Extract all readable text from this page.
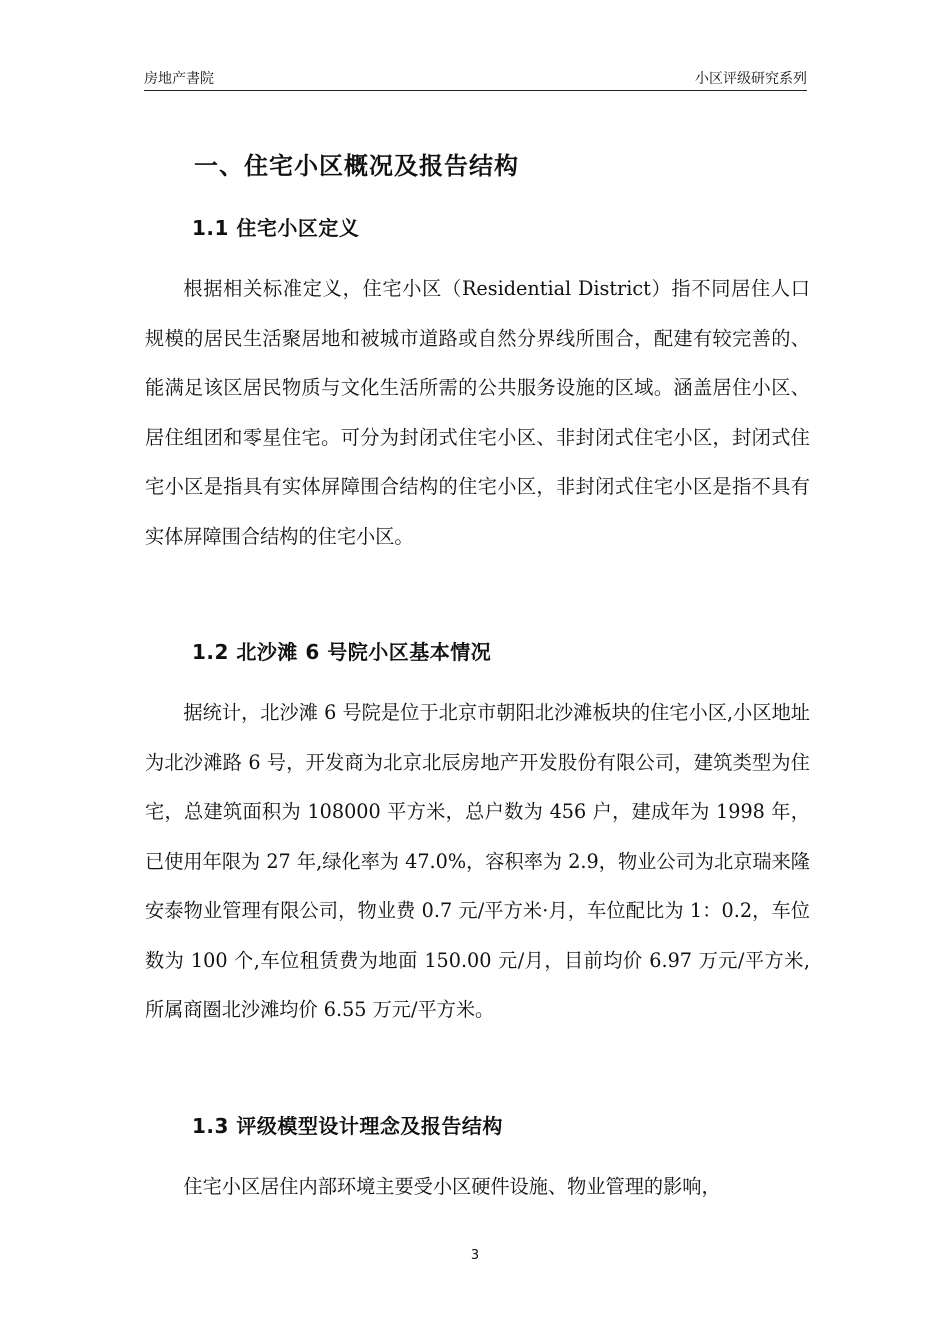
房地产書院	小区评级研究系列
一、住宅小区概况及报告结构
1.1 住宅小区定义

根据相关标准定义，住宅小区（Residential District）指不同居住人口规模的居民生活聚居地和被城市道路或自然分界线所围合，配建有较完善的、能满足该区居民物质与文化生活所需的公共服务设施的区域。涵盖居住小区、居住组团和零星住宅。可分为封闭式住宅小区、非封闭式住宅小区，封闭式住宅小区是指具有实体屏障围合结构的住宅小区，非封闭式住宅小区是指不具有实体屏障围合结构的住宅小区。

1.2 北沙滩 6 号院小区基本情况

据统计，北沙滩 6 号院是位于北京市朝阳北沙滩板块的住宅小区,小区地址为北沙滩路 6 号，开发商为北京北辰房地产开发股份有限公司，建筑类型为住宅，总建筑面积为 108000 平方米，总户数为 456 户，建成年为 1998 年，已使用年限为 27 年,绿化率为 47.0%，容积率为 2.9，物业公司为北京瑞来隆安泰物业管理有限公司，物业费 0.7 元/平方米·月，车位配比为 1：0.2，车位数为 100 个,车位租赁费为地面 150.00 元/月，目前均价 6.97 万元/平方米,所属商圈北沙滩均价 6.55 万元/平方米。

1.3 评级模型设计理念及报告结构

住宅小区居住内部环境主要受小区硬件设施、物业管理的影响，

3
